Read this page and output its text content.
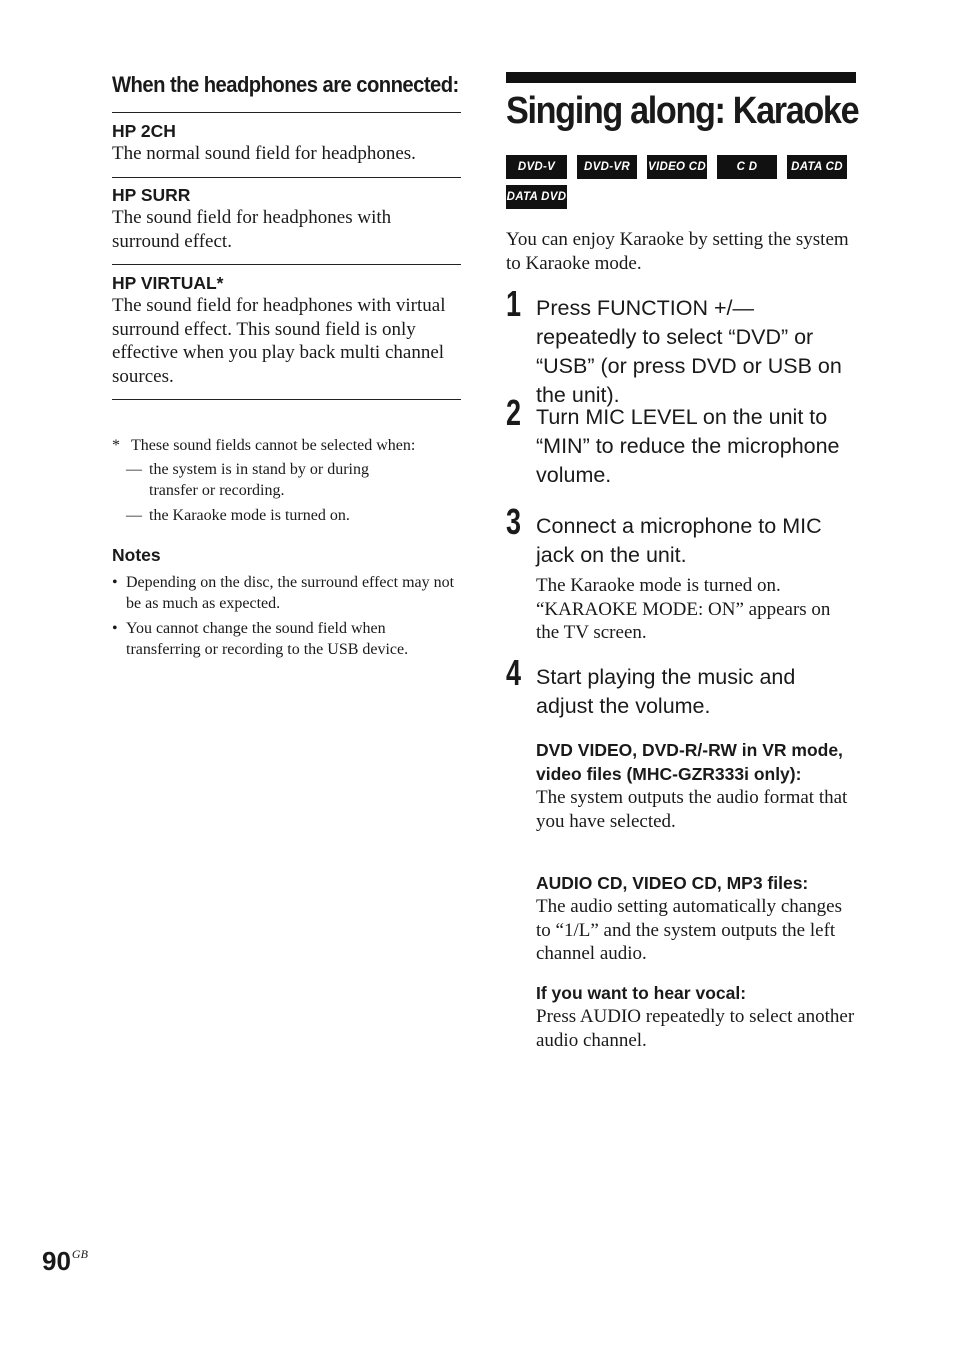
When the headphones are connected:
HP 2CH
The normal sound field for headphones.
HP SURR
The sound field for headphones with surround effect.
HP VIRTUAL*
The sound field for headphones with virtual surround effect. This sound field is only effective when you play back multi channel sources.
* These sound fields cannot be selected when:
— the system is in stand by or during transfer or recording.
— the Karaoke mode is turned on.
Notes
• Depending on the disc, the surround effect may not be as much as expected.
• You cannot change the sound field when transferring or recording to the USB device.
Singing along: Karaoke
DVD-V	DVD-VR	VIDEO CD	C D	DATA CD
DATA DVD
You can enjoy Karaoke by setting the system to Karaoke mode.
1 Press FUNCTION +/— repeatedly to select “DVD” or “USB” (or press DVD or USB on the unit).
2 Turn MIC LEVEL on the unit to “MIN” to reduce the microphone volume.
3 Connect a microphone to MIC jack on the unit.
The Karaoke mode is turned on. “KARAOKE MODE: ON” appears on the TV screen.
4 Start playing the music and adjust the volume.
DVD VIDEO, DVD-R/-RW in VR mode, video files (MHC-GZR333i only):
The system outputs the audio format that you have selected.
AUDIO CD, VIDEO CD, MP3 files:
The audio setting automatically changes to “1/L” and the system outputs the left channel audio.
If you want to hear vocal:
Press AUDIO repeatedly to select another audio channel.
$90^{GB}$
